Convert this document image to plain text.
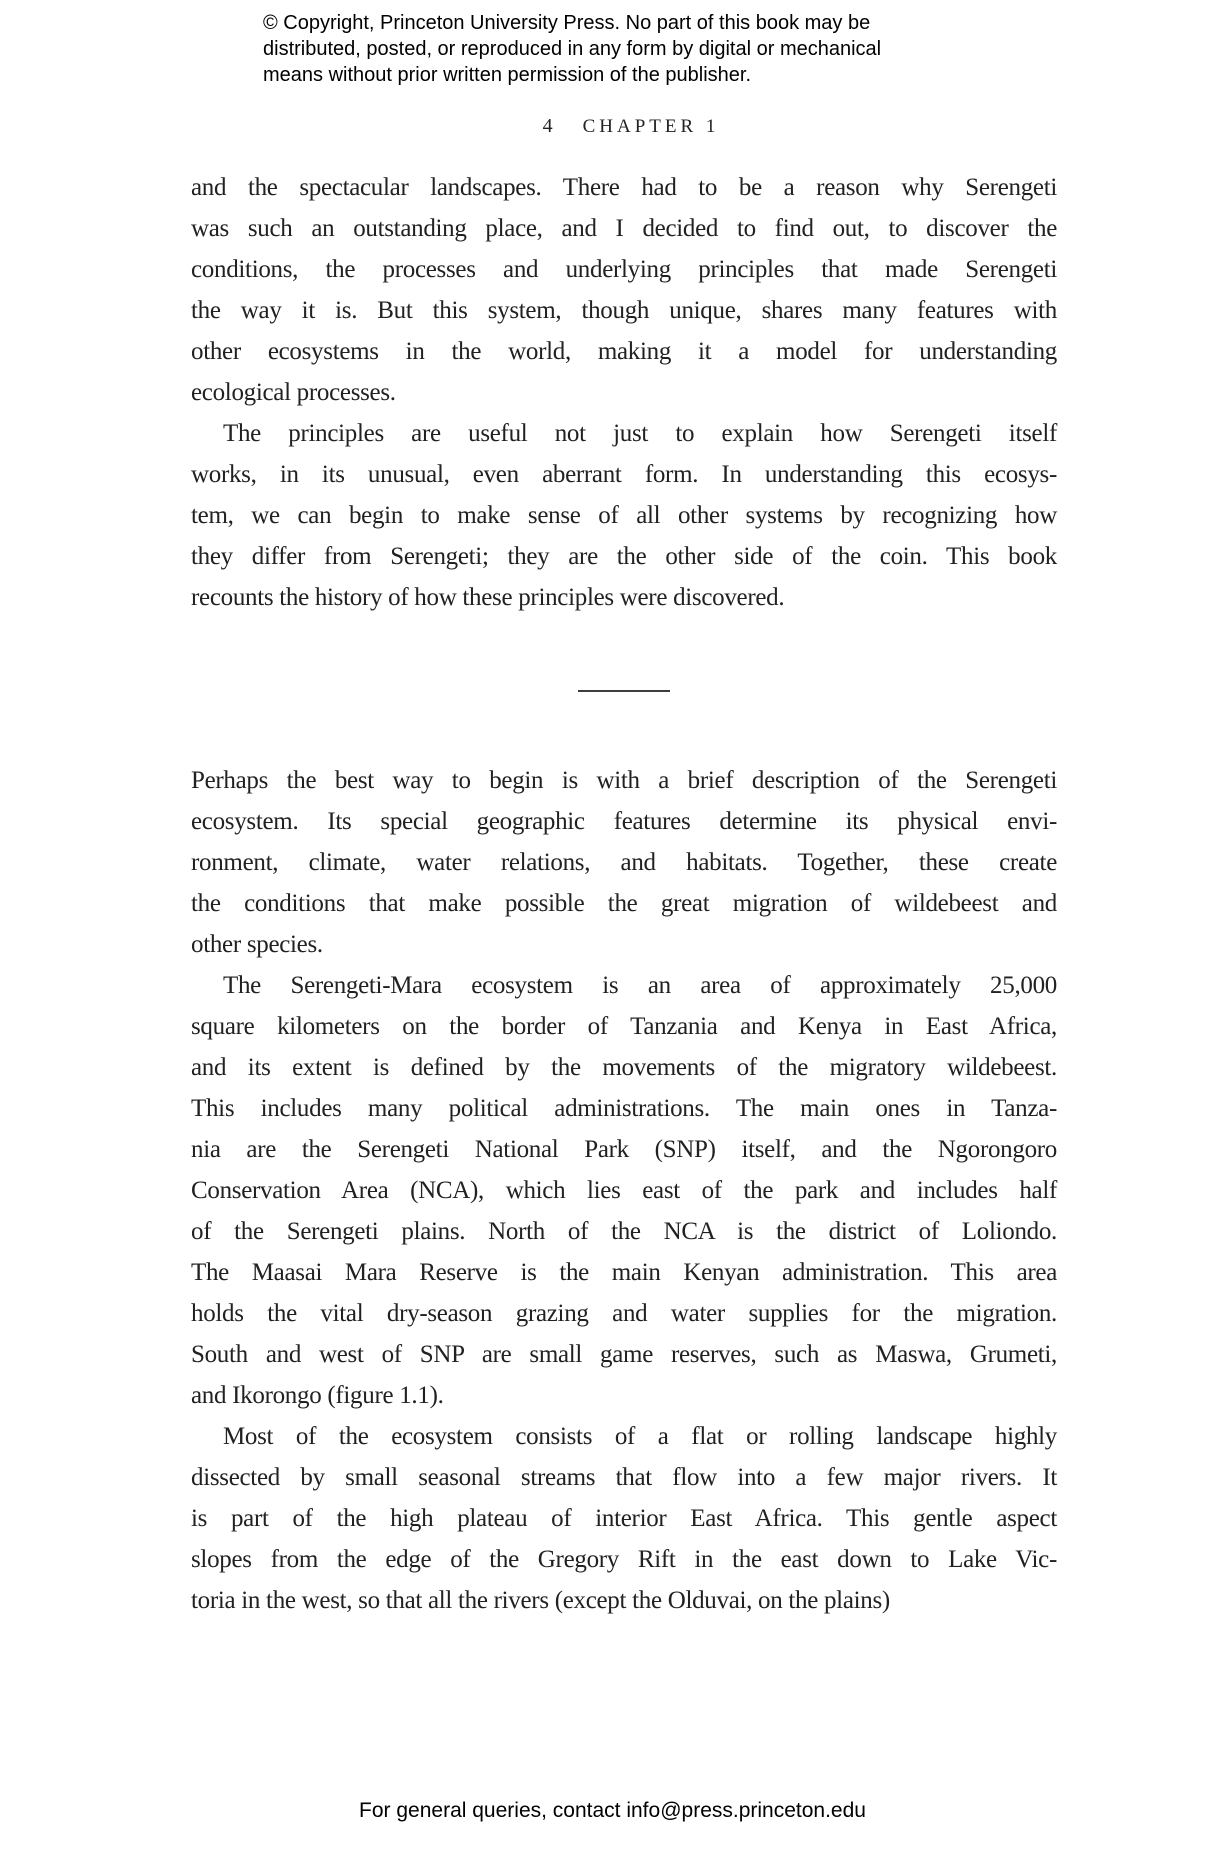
© Copyright, Princeton University Press. No part of this book may be
distributed, posted, or reproduced in any form by digital or mechanical
means without prior written permission of the publisher.
4 CHAPTER 1
and the spectacular landscapes. There had to be a reason why Serengeti
was such an outstanding place, and I decided to find out, to discover the
conditions, the processes and underlying principles that made Serengeti
the way it is. But this system, though unique, shares many features with
other ecosystems in the world, making it a model for understanding
ecological processes.
The principles are useful not just to explain how Serengeti itself
works, in its unusual, even aberrant form. In understanding this ecosys-
tem, we can begin to make sense of all other systems by recognizing how
they differ from Serengeti; they are the other side of the coin. This book
recounts the history of how these principles were discovered.
Perhaps the best way to begin is with a brief description of the Serengeti
ecosystem. Its special geographic features determine its physical envi-
ronment, climate, water relations, and habitats. Together, these create
the conditions that make possible the great migration of wildebeest and
other species.
The Serengeti-Mara ecosystem is an area of approximately 25,000
square kilometers on the border of Tanzania and Kenya in East Africa,
and its extent is defined by the movements of the migratory wildebeest.
This includes many political administrations. The main ones in Tanza-
nia are the Serengeti National Park (SNP) itself, and the Ngorongoro
Conservation Area (NCA), which lies east of the park and includes half
of the Serengeti plains. North of the NCA is the district of Loliondo.
The Maasai Mara Reserve is the main Kenyan administration. This area
holds the vital dry-season grazing and water supplies for the migration.
South and west of SNP are small game reserves, such as Maswa, Grumeti,
and Ikorongo (figure 1.1).
Most of the ecosystem consists of a flat or rolling landscape highly
dissected by small seasonal streams that flow into a few major rivers. It
is part of the high plateau of interior East Africa. This gentle aspect
slopes from the edge of the Gregory Rift in the east down to Lake Vic-
toria in the west, so that all the rivers (except the Olduvai, on the plains)
For general queries, contact info@press.princeton.edu
